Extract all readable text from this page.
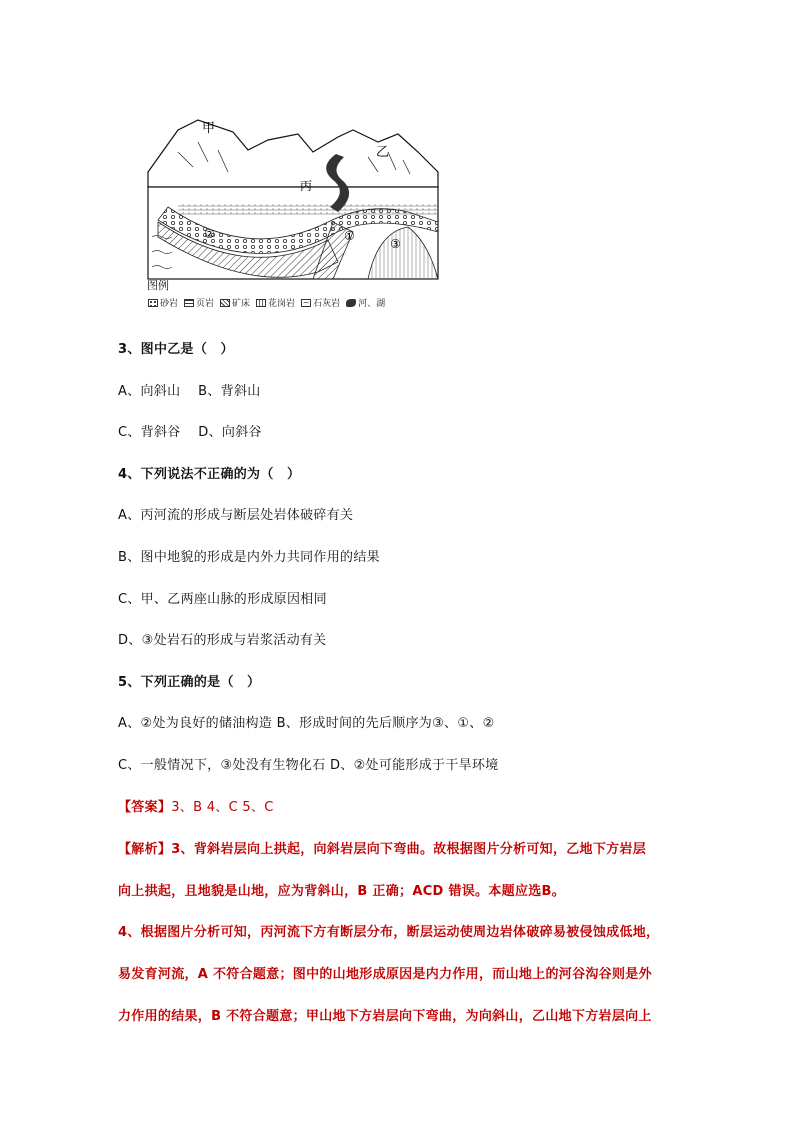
甲
乙
丙
①
②
③
图例
砂岩 页岩 矿床 花岗岩 ~ 石灰岩 河、湖
3、图中乙是（　）
A、向斜山　 B、背斜山
C、背斜谷　 D、向斜谷
4、下列说法不正确的为（　）
A、丙河流的形成与断层处岩体破碎有关
B、图中地貌的形成是内外力共同作用的结果
C、甲、乙两座山脉的形成原因相同
D、③处岩石的形成与岩浆活动有关
5、下列正确的是（　）
A、②处为良好的储油构造 B、形成时间的先后顺序为③、①、②
C、一般情况下，③处没有生物化石 D、②处可能形成于干旱环境
【答案】3、B 4、C 5、C
【解析】3、背斜岩层向上拱起，向斜岩层向下弯曲。故根据图片分析可知，乙地下方岩层
向上拱起，且地貌是山地，应为背斜山，B 正确；ACD 错误。本题应选B。
4、根据图片分析可知，丙河流下方有断层分布，断层运动使周边岩体破碎易被侵蚀成低地，
易发育河流，A 不符合题意；图中的山地形成原因是内力作用，而山地上的河谷沟谷则是外
力作用的结果，B 不符合题意；甲山地下方岩层向下弯曲，为向斜山，乙山地下方岩层向上
